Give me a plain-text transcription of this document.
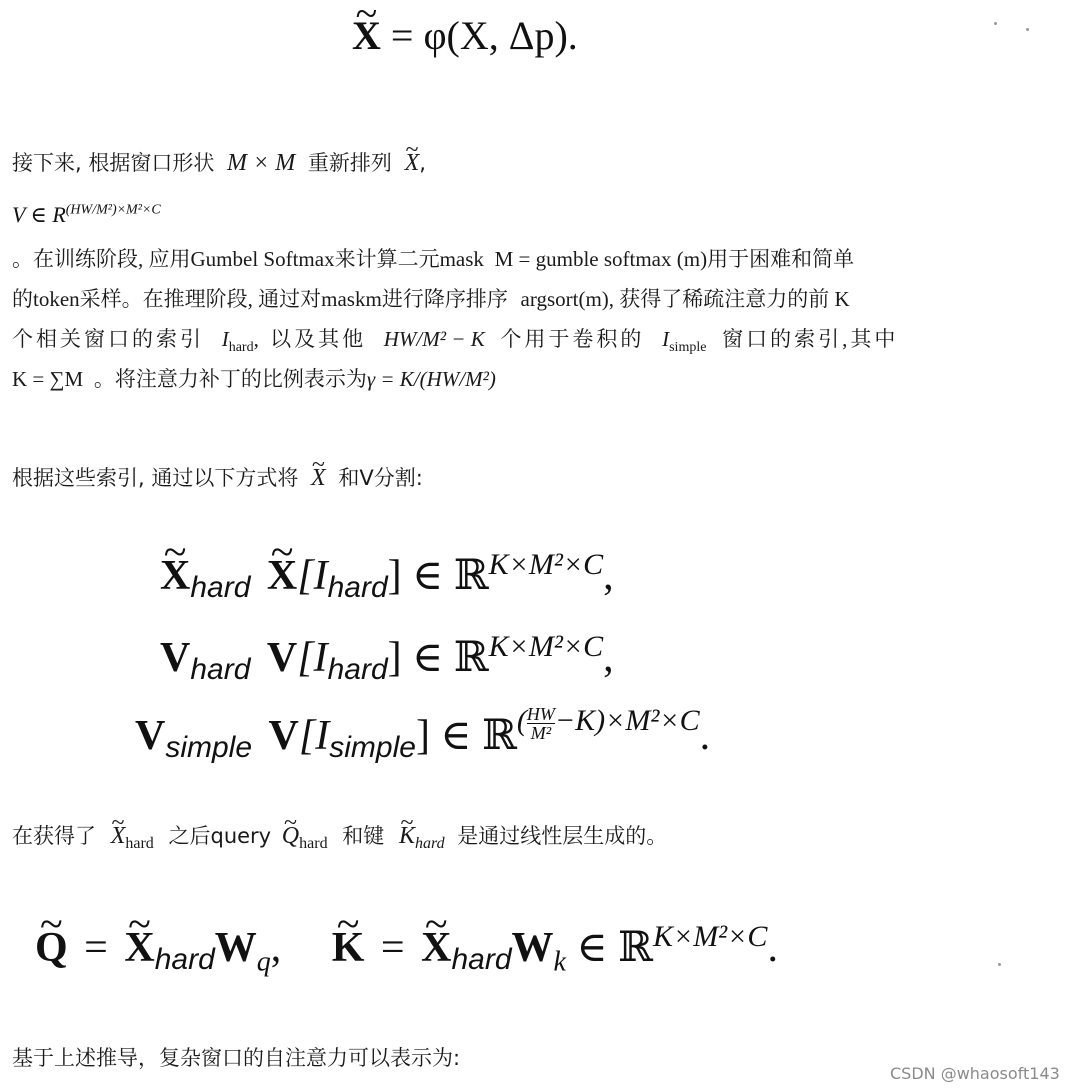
~ X = φ(X, Δp).
接下来, 根据窗口形状 M × M 重新排列 ~ X,
V ∈ $R^{(HW/M^2)\times M^2\times C}$
。在训练阶段, 应用Gumbel Softmax来计算二元mask M = gumble softmax (m)用于困难和简单
的token采样。在推理阶段, 通过对maskm进行降序排序 argsort(m), 获得了稀疏注意力的前 K
个相关窗口的索引 $I_{hard}$, 以及其他 HW/M² − K 个用于卷积的 $I_{simple}$ 窗口的索引,其中
K = ∑M 。将注意力补丁的比例表示为γ = K/(HW/M²)
根据这些索引, 通过以下方式将 ~ X 和V分割:
~ Xhard ~ X[Ihard] ∈ ℝ$^{K\times M^2\times C}$,
Vhard V[Ihard] ∈ ℝ$^{K\times M^2\times C}$,
Vsimple V[Isimple] ∈ ℝ$^{( \frac{HW}{\text{M²}} -K)\times M^2\times C}$.
在获得了 ~ $X_{hard}$ 之后query ~ $Q_{hard}$ 和键 ~ $K_{hard}$ 是通过线性层生成的。
~ Q = ~ XhardW$_q$, ~ K = ~ XhardW$_k$ ∈ ℝ$^{K\times M^2\times C}$.
基于上述推导，复杂窗口的自注意力可以表示为:
CSDN @whaosoft143
